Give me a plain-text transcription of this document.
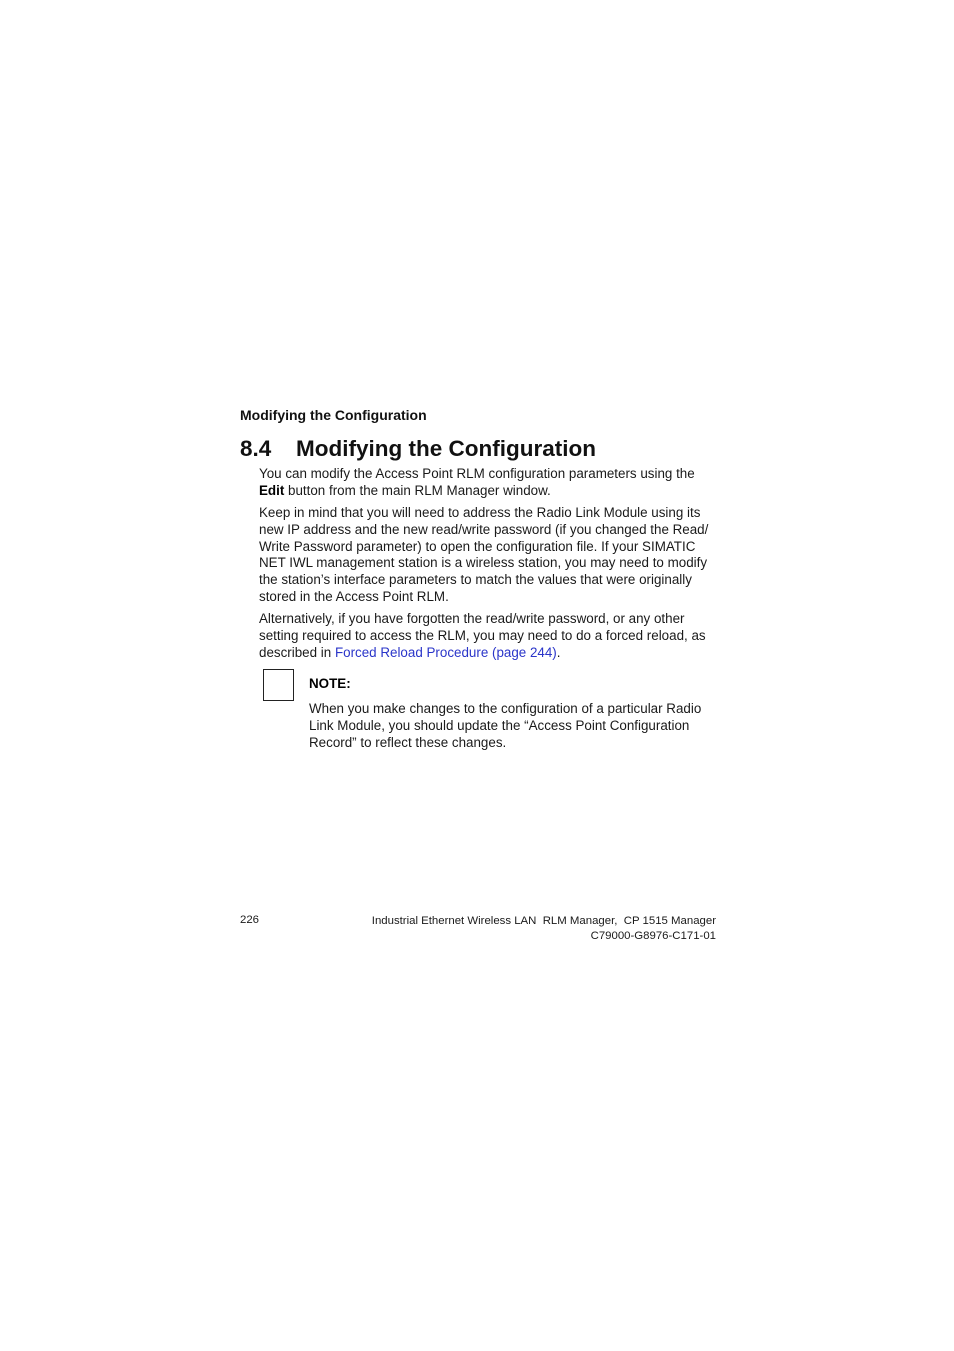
Modifying the Configuration
8.4 Modifying the Configuration

You can modify the Access Point RLM configuration parameters using the Edit button from the main RLM Manager window.

Keep in mind that you will need to address the Radio Link Module using its new IP address and the new read/write password (if you changed the Read/ Write Password parameter) to open the configuration file. If your SIMATIC NET IWL management station is a wireless station, you may need to modify the station’s interface parameters to match the values that were originally stored in the Access Point RLM.

Alternatively, if you have forgotten the read/write password, or any other setting required to access the RLM, you may need to do a forced reload, as described in Forced Reload Procedure (page 244).

NOTE:

When you make changes to the configuration of a particular Radio Link Module, you should update the “Access Point Configuration Record” to reflect these changes.

226	Industrial Ethernet Wireless LAN  RLM Manager,  CP 1515 Manager
C79000-G8976-C171-01
